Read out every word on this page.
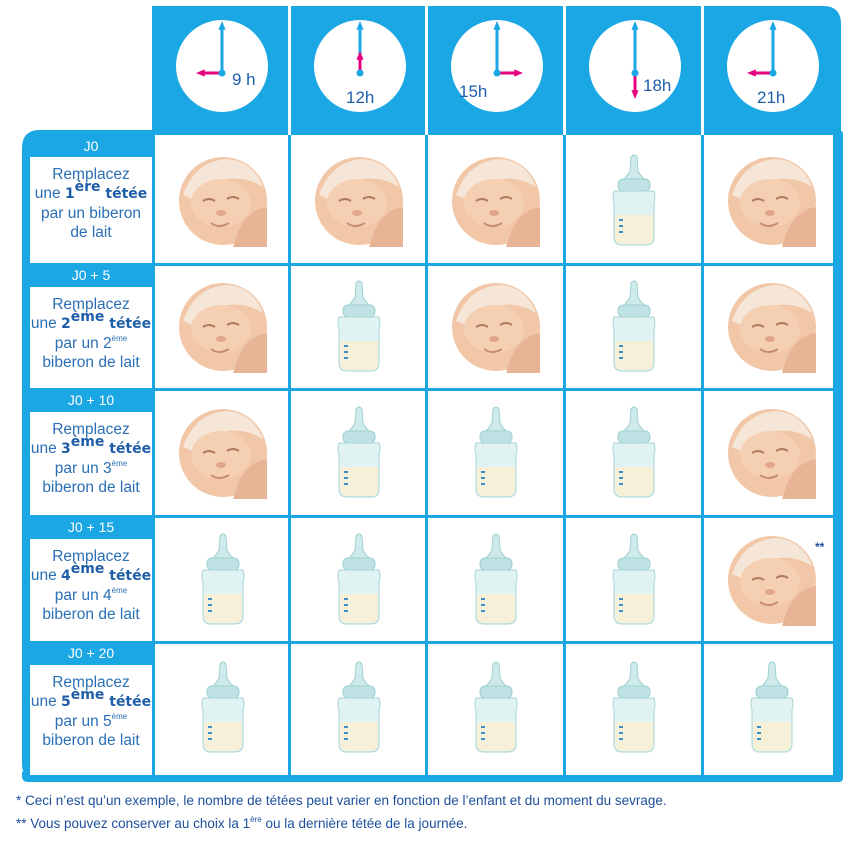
9 h
12h	15h	18h
21h
J0
Remplacez
une 1ère tétée
par un biberon
de lait
J0 + 5
Remplacez
une 2ème tétée
par un 2ème
biberon de lait
J0 + 10
Remplacez
une 3ème tétée
par un 3ème
biberon de lait
J0 + 15
Remplacez
une 4ème tétée
par un 4ème
biberon de lait
J0 + 20
Remplacez
une 5ème tétée
par un 5ème
biberon de lait
**
* Ceci n’est qu’un exemple, le nombre de tétées peut varier en fonction de l’enfant et du moment du sevrage.
** Vous pouvez conserver au choix la 1ère ou la dernière tétée de la journée.
